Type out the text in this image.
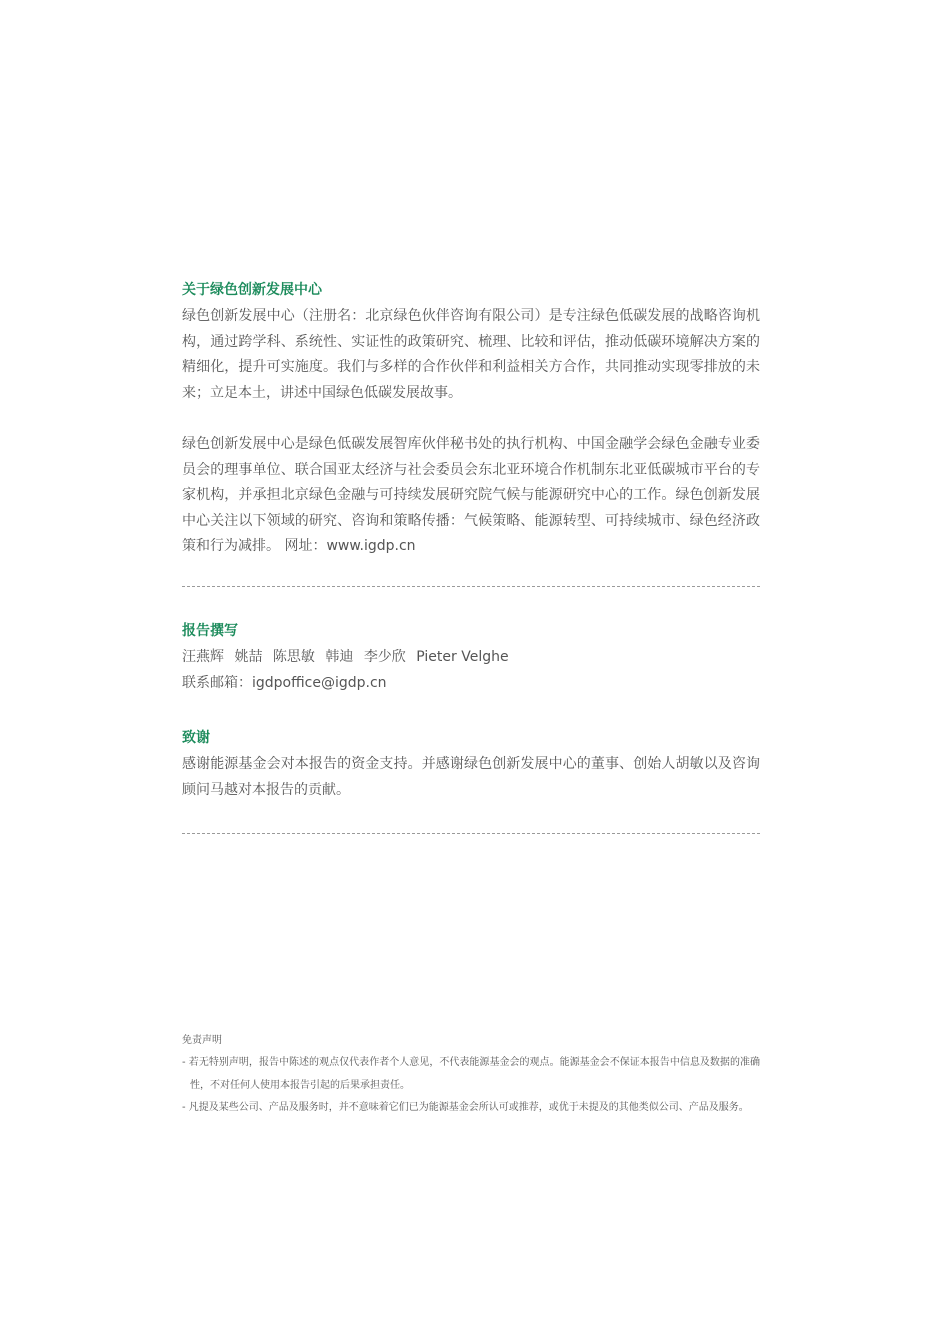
关于绿色创新发展中心

绿色创新发展中心（注册名：北京绿色伙伴咨询有限公司）是专注绿色低碳发展的战略咨询机构，通过跨学科、系统性、实证性的政策研究、梳理、比较和评估，推动低碳环境解决方案的精细化，提升可实施度。我们与多样的合作伙伴和利益相关方合作，共同推动实现零排放的未来；立足本土，讲述中国绿色低碳发展故事。

绿色创新发展中心是绿色低碳发展智库伙伴秘书处的执行机构、中国金融学会绿色金融专业委员会的理事单位、联合国亚太经济与社会委员会东北亚环境合作机制东北亚低碳城市平台的专家机构，并承担北京绿色金融与可持续发展研究院气候与能源研究中心的工作。绿色创新发展中心关注以下领域的研究、咨询和策略传播：气候策略、能源转型、可持续城市、绿色经济政策和行为减排。 网址：www.igdp.cn

报告撰写

汪燕辉 姚喆 陈思敏 韩迪 李少欣 Pieter Velghe

联系邮箱：igdpoffice@igdp.cn

致谢

感谢能源基金会对本报告的资金支持。并感谢绿色创新发展中心的董事、创始人胡敏以及咨询顾问马越对本报告的贡献。

免责声明

- 若无特别声明，报告中陈述的观点仅代表作者个人意见，不代表能源基金会的观点。能源基金会不保证本报告中信息及数据的准确性，不对任何人使用本报告引起的后果承担责任。

- 凡提及某些公司、产品及服务时，并不意味着它们已为能源基金会所认可或推荐，或优于未提及的其他类似公司、产品及服务。
